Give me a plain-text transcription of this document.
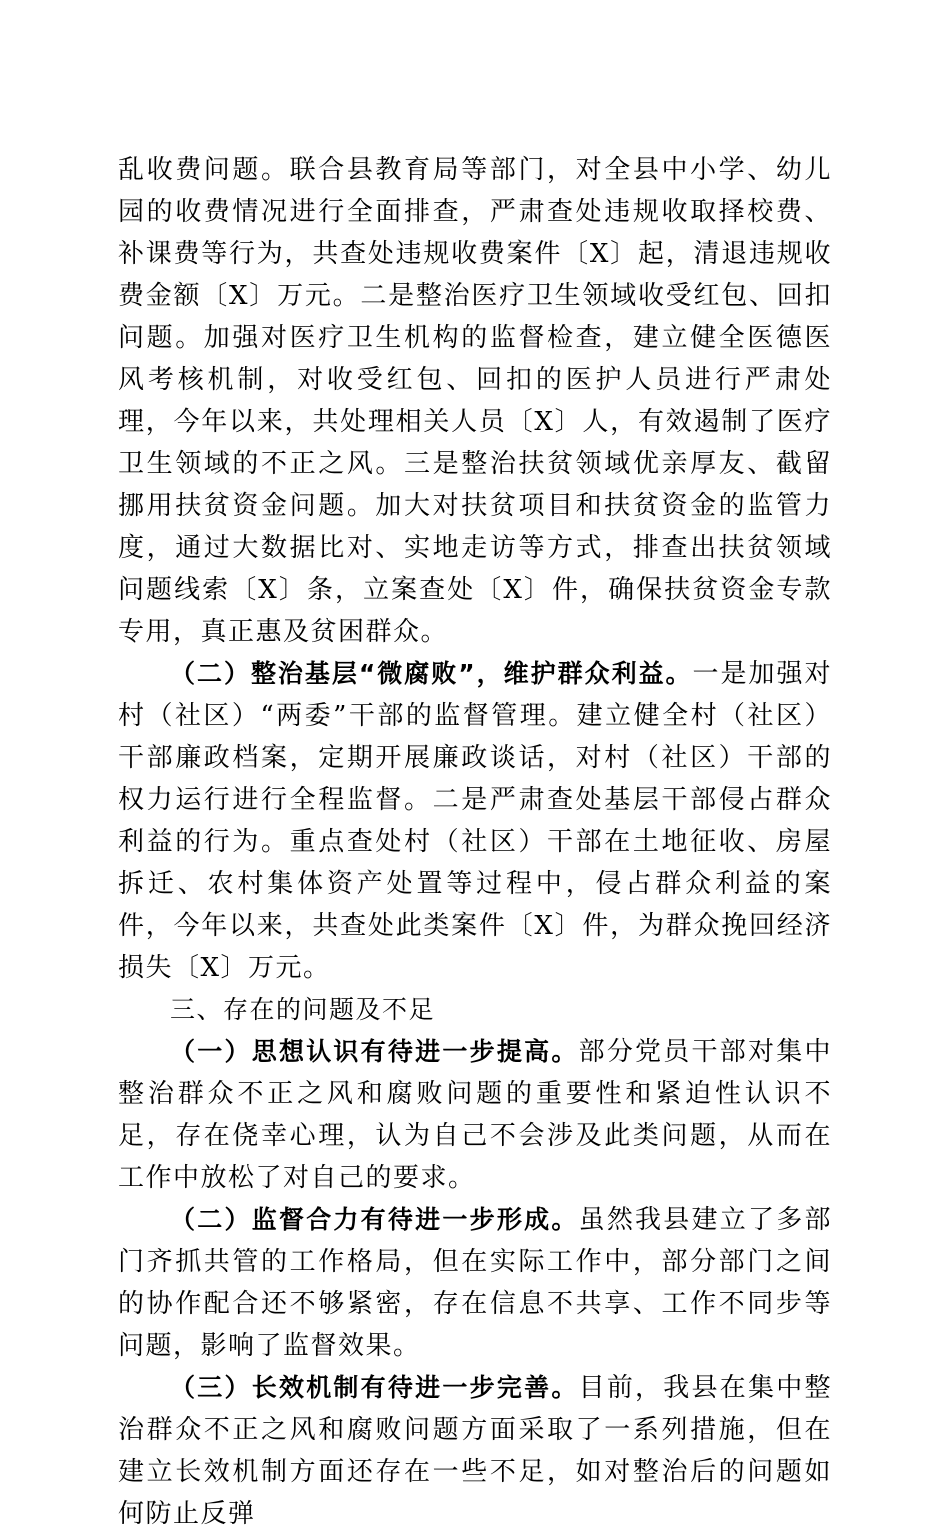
乱收费问题。联合县教育局等部门，对全县中小学、幼儿园的收费情况进行全面排查，严肃查处违规收取择校费、补课费等行为，共查处违规收费案件〔X〕起，清退违规收费金额〔X〕万元。二是整治医疗卫生领域收受红包、回扣问题。加强对医疗卫生机构的监督检查，建立健全医德医风考核机制，对收受红包、回扣的医护人员进行严肃处理，今年以来，共处理相关人员〔X〕人，有效遏制了医疗卫生领域的不正之风。三是整治扶贫领域优亲厚友、截留挪用扶贫资金问题。加大对扶贫项目和扶贫资金的监管力度，通过大数据比对、实地走访等方式，排查出扶贫领域问题线索〔X〕条，立案查处〔X〕件，确保扶贫资金专款专用，真正惠及贫困群众。

（二）整治基层“微腐败”，维护群众利益。一是加强对村（社区）“两委”干部的监督管理。建立健全村（社区）干部廉政档案，定期开展廉政谈话，对村（社区）干部的权力运行进行全程监督。二是严肃查处基层干部侵占群众利益的行为。重点查处村（社区）干部在土地征收、房屋拆迁、农村集体资产处置等过程中，侵占群众利益的案件，今年以来，共查处此类案件〔X〕件，为群众挽回经济损失〔X〕万元。

三、存在的问题及不足

（一）思想认识有待进一步提高。部分党员干部对集中整治群众不正之风和腐败问题的重要性和紧迫性认识不足，存在侥幸心理，认为自己不会涉及此类问题，从而在工作中放松了对自己的要求。

（二）监督合力有待进一步形成。虽然我县建立了多部门齐抓共管的工作格局，但在实际工作中，部分部门之间的协作配合还不够紧密，存在信息不共享、工作不同步等问题，影响了监督效果。

（三）长效机制有待进一步完善。目前，我县在集中整治群众不正之风和腐败问题方面采取了一系列措施，但在建立长效机制方面还存在一些不足，如对整治后的问题如何防止反弹
